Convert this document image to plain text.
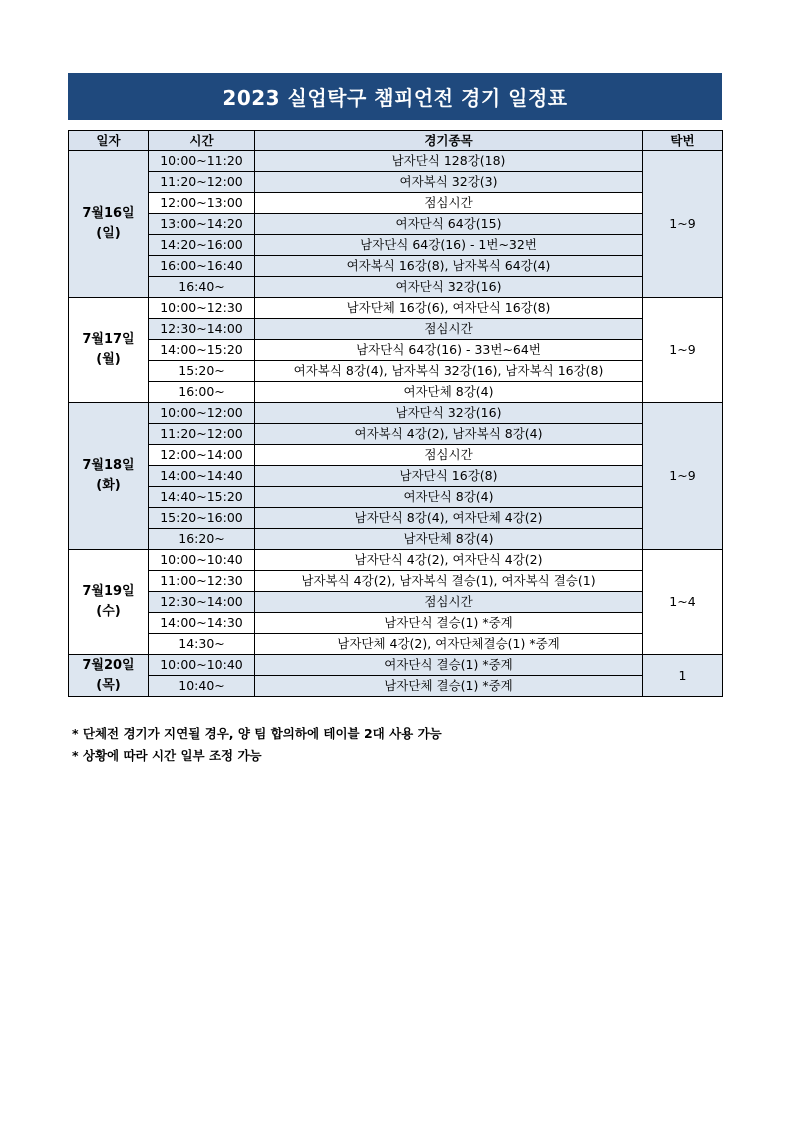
2023 실업탁구 챔피언전 경기 일정표
일자	시간	경기종목	탁번
7월16일
(일)	10:00~11:20	남자단식 128강(18)	1~9
	11:20~12:00	여자복식 32강(3)	
	12:00~13:00	점심시간	
	13:00~14:20	여자단식 64강(15)	
	14:20~16:00	남자단식 64강(16) - 1번~32번	
	16:00~16:40	여자복식 16강(8), 남자복식 64강(4)	
	16:40~	여자단식 32강(16)	
7월17일
(월)	10:00~12:30	남자단체 16강(6), 여자단식 16강(8)	1~9
	12:30~14:00	점심시간	
	14:00~15:20	남자단식 64강(16) - 33번~64번	
	15:20~	여자복식 8강(4), 남자복식 32강(16), 남자복식 16강(8)	
	16:00~	여자단체 8강(4)	
7월18일
(화)	10:00~12:00	남자단식 32강(16)	1~9
	11:20~12:00	여자복식 4강(2), 남자복식 8강(4)	
	12:00~14:00	점심시간	
	14:00~14:40	남자단식 16강(8)	
	14:40~15:20	여자단식 8강(4)	
	15:20~16:00	남자단식 8강(4), 여자단체 4강(2)	
	16:20~	남자단체 8강(4)	
7월19일
(수)	10:00~10:40	남자단식 4강(2), 여자단식 4강(2)	1~4
	11:00~12:30	남자복식 4강(2), 남자복식 결승(1), 여자복식 결승(1)	
	12:30~14:00	점심시간	
	14:00~14:30	남자단식 결승(1) *중계	
	14:30~	남자단체 4강(2), 여자단체결승(1) *중계	
7월20일
(목)	10:00~10:40	여자단식 결승(1) *중계	1
	10:40~	남자단체 결승(1) *중계	
* 단체전 경기가 지연될 경우, 양 팀 합의하에 테이블 2대 사용 가능
* 상황에 따라 시간 일부 조정 가능
